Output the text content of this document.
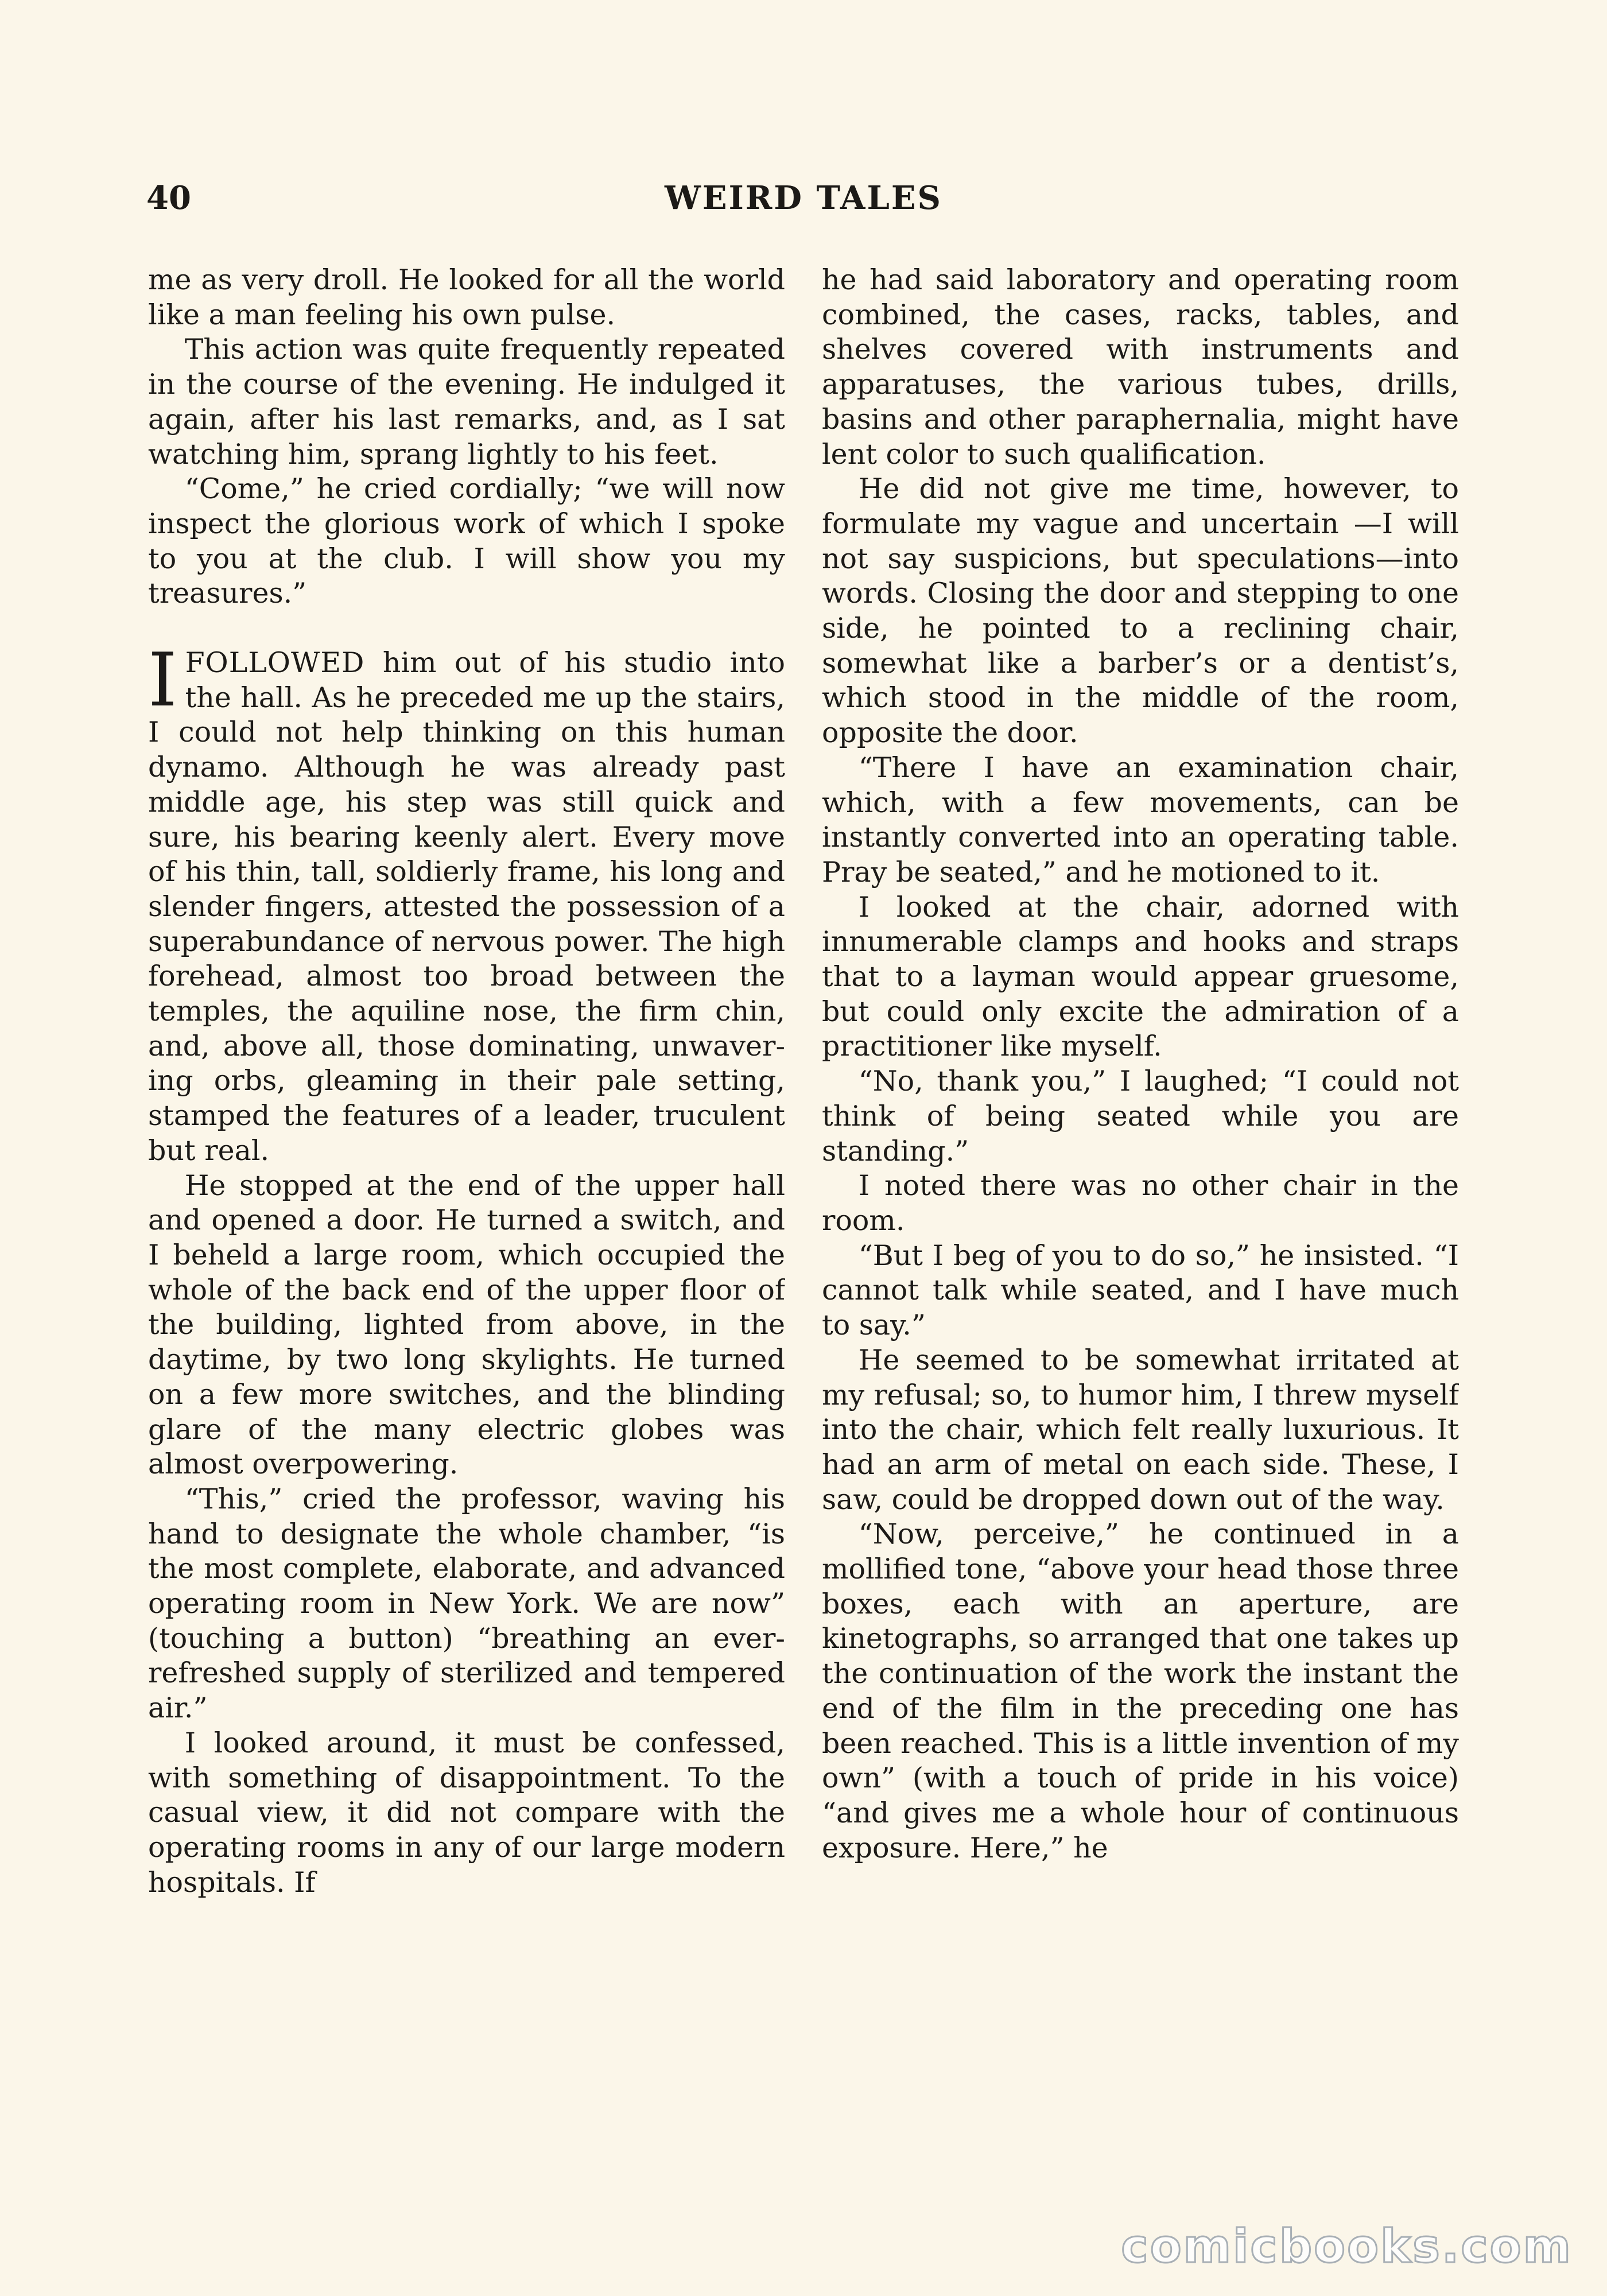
40	WEIRD TALES

me as very droll. He looked for all the world like a man feeling his own pulse.

This action was quite frequently repeated in the course of the evening. He indulged it again, after his last remarks, and, as I sat watching him, sprang lightly to his feet.

“Come,” he cried cordially; “we will now inspect the glorious work of which I spoke to you at the club. I will show you my treasures.”

IFOLLOWED him out of his studio into the hall. As he preceded me up the stairs, I could not help thinking on this human dynamo. Although he was already past middle age, his step was still quick and sure, his bearing keenly alert. Every move of his thin, tall, soldierly frame, his long and slender fingers, attested the possession of a superabundance of nervous power. The high forehead, almost too broad between the temples, the aquiline nose, the firm chin, and, above all, those dominating, unwavering orbs, gleaming in their pale setting, stamped the features of a leader, truculent but real.

He stopped at the end of the upper hall and opened a door. He turned a switch, and I beheld a large room, which occupied the whole of the back end of the upper floor of the building, lighted from above, in the daytime, by two long skylights. He turned on a few more switches, and the blinding glare of the many electric globes was almost overpowering.

“This,” cried the professor, waving his hand to designate the whole chamber, “is the most complete, elaborate, and advanced operating room in New York. We are now” (touching a button) “breathing an ever-refreshed supply of sterilized and tempered air.”

I looked around, it must be confessed, with something of disappointment. To the casual view, it did not compare with the operating rooms in any of our large modern hospitals. If

he had said laboratory and operating room combined, the cases, racks, tables, and shelves covered with instruments and apparatuses, the various tubes, drills, basins and other paraphernalia, might have lent color to such qualification.

He did not give me time, however, to formulate my vague and uncertain —I will not say suspicions, but speculations—into words. Closing the door and stepping to one side, he pointed to a reclining chair, somewhat like a barber’s or a dentist’s, which stood in the middle of the room, opposite the door.

“There I have an examination chair, which, with a few movements, can be instantly converted into an operating table. Pray be seated,” and he motioned to it.

I looked at the chair, adorned with innumerable clamps and hooks and straps that to a layman would appear gruesome, but could only excite the admiration of a practitioner like myself.

“No, thank you,” I laughed; “I could not think of being seated while you are standing.”

I noted there was no other chair in the room.

“But I beg of you to do so,” he insisted. “I cannot talk while seated, and I have much to say.”

He seemed to be somewhat irritated at my refusal; so, to humor him, I threw myself into the chair, which felt really luxurious. It had an arm of metal on each side. These, I saw, could be dropped down out of the way.

“Now, perceive,” he continued in a mollified tone, “above your head those three boxes, each with an aperture, are kinetographs, so arranged that one takes up the continuation of the work the instant the end of the film in the preceding one has been reached. This is a little invention of my own” (with a touch of pride in his voice) “and gives me a whole hour of continuous exposure. Here,” he

comicbooks.com
